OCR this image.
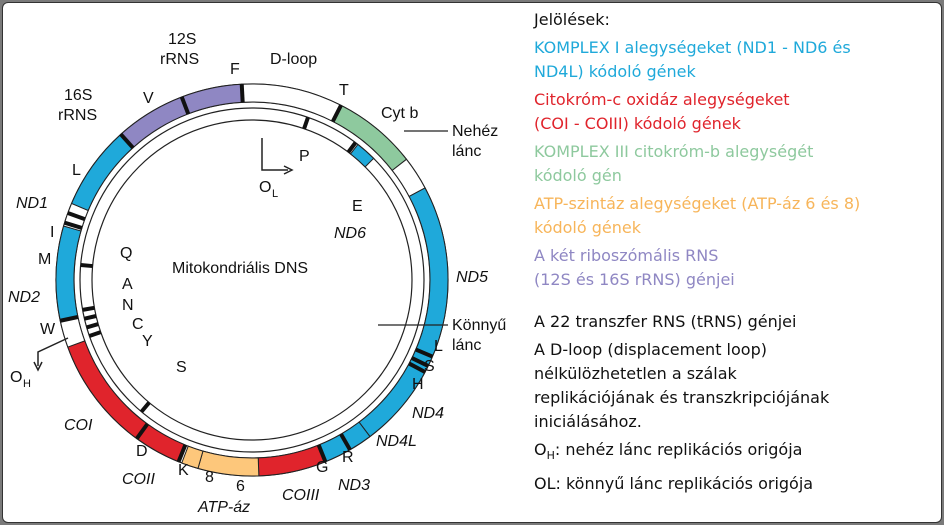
Mitokondriális DNS
D-loop
12S
rRNS
16S
rRNS	Cyt b
Nehéz
lánc
Könnyű
lánc
O L
O H
ND1
ND2
ND6
ND5
ND4
ND4L
ND3
COI
COII
COIII
ATP-áz
F
V
L
I
M
W
T
P
E
Q
A
N
C
Y
S
D
K 8
6
G
R
H
S
L
Jelölések:
KOMPLEX I alegységeket (ND1 - ND6 és
ND4L) kódoló gének
Citokróm-c oxidáz alegységeket
(COI - COIII) kódoló gének
KOMPLEX III citokróm-b alegységét
kódoló gén
ATP-szintáz alegységeket (ATP-áz 6 és 8)
kódoló gének
A két riboszómális RNS
(12S és 16S rRNS) génjei
A 22 transzfer RNS (tRNS) génjei
A D-loop (displacement loop)
nélkülözhetetlen a szálak
replikációjának és transzkripciójának
iniciálásához.
$O_H$: nehéz lánc replikációs origója
OL: könnyű lánc replikációs origója
